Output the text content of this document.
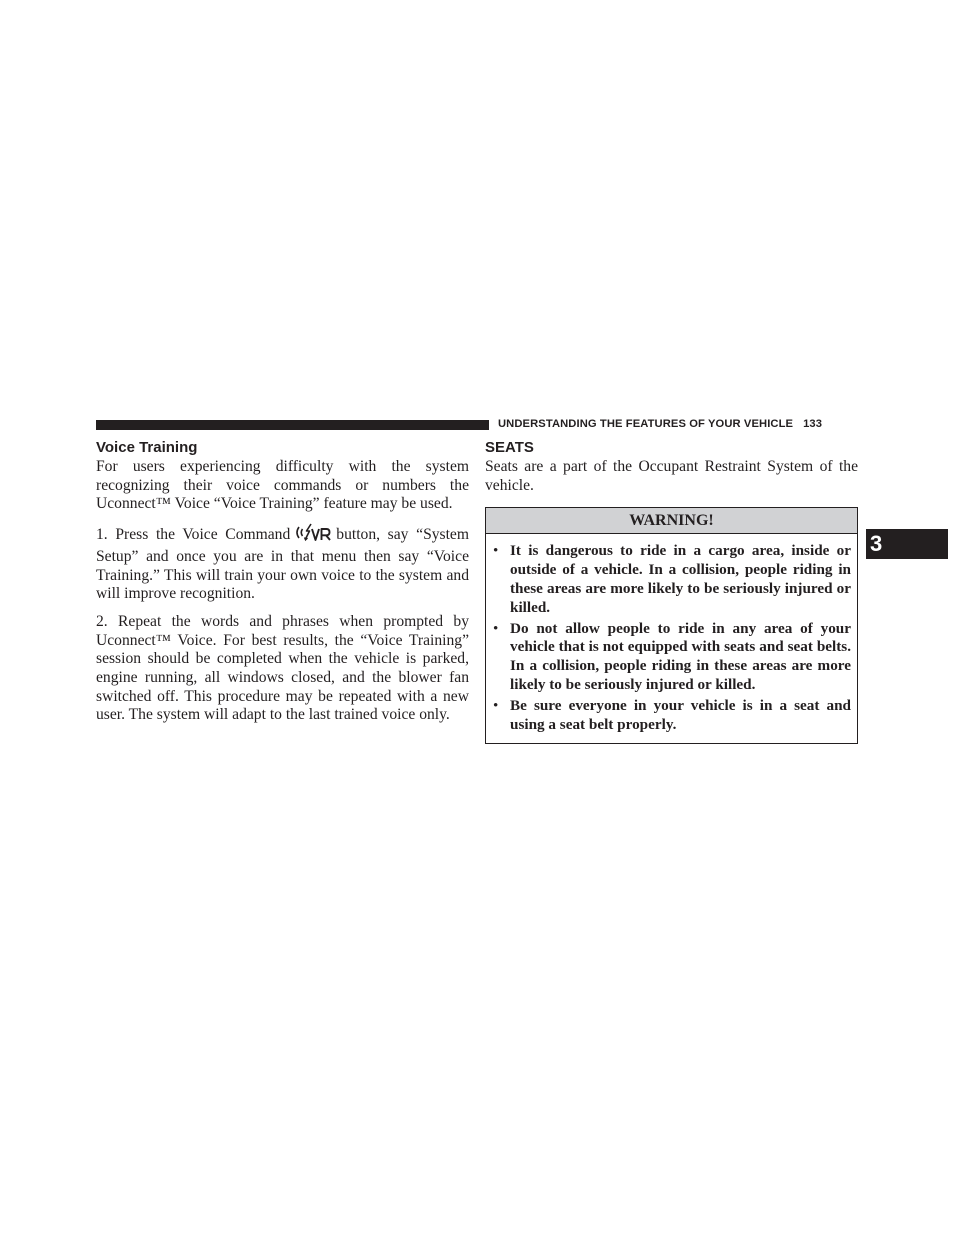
UNDERSTANDING THE FEATURES OF YOUR VEHICLE 133
3
Voice Training

For users experiencing difficulty with the system recognizing their voice commands or numbers the Uconnect™ Voice “Voice Training” feature may be used.

1. Press the Voice Command	button, say “System Setup” and once you are in that menu then say “Voice Training.” This will train your own voice to the system and will improve recognition.

2. Repeat the words and phrases when prompted by Uconnect™ Voice. For best results, the “Voice Training” session should be completed when the vehicle is parked, engine running, all windows closed, and the blower fan switched off. This procedure may be repeated with a new user. The system will adapt to the last trained voice only.

SEATS

Seats are a part of the Occupant Restraint System of the vehicle.

WARNING!
• It is dangerous to ride in a cargo area, inside or outside of a vehicle. In a collision, people riding in these areas are more likely to be seriously injured or killed.
• Do not allow people to ride in any area of your vehicle that is not equipped with seats and seat belts. In a collision, people riding in these areas are more likely to be seriously injured or killed.
• Be sure everyone in your vehicle is in a seat and using a seat belt properly.
